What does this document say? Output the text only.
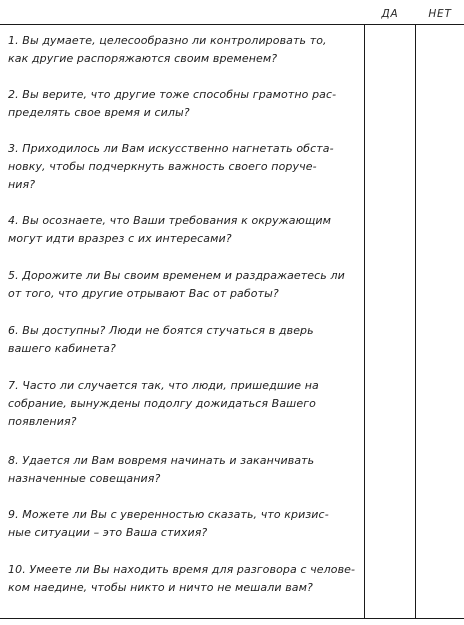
ДА	НЕТ
1. Вы думаете, целесообразно ли контролировать то,
как другие распоряжаются своим временем?
2. Вы верите, что другие тоже способны грамотно рас-
пределять свое время и силы?
3. Приходилось ли Вам искусственно нагнетать обста-
новку, чтобы подчеркнуть важность своего поруче-
ния?
4. Вы осознаете, что Ваши требования к окружающим
могут идти вразрез с их интересами?
5. Дорожите ли Вы своим временем и раздражаетесь ли
от того, что другие отрывают Вас от работы?
6. Вы доступны? Люди не боятся стучаться в дверь
вашего кабинета?
7. Часто ли случается так, что люди, пришедшие на
собрание, вынуждены подолгу дожидаться Вашего
появления?
8. Удается ли Вам вовремя начинать и заканчивать
назначенные совещания?
9. Можете ли Вы с уверенностью сказать, что кризис-
ные ситуации – это Ваша стихия?
10. Умеете ли Вы находить время для разговора с челове-
ком наедине, чтобы никто и ничто не мешали вам?
